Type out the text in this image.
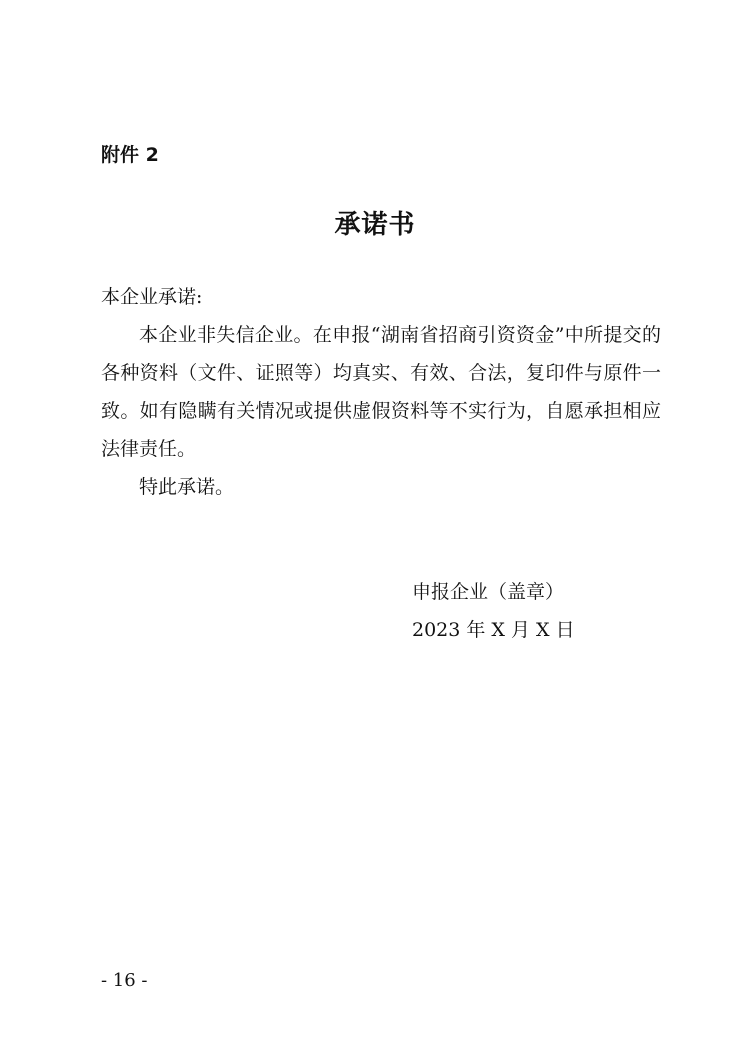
附件 2
承诺书

本企业承诺:

本企业非失信企业。在申报“湖南省招商引资资金”中所提交的各种资料（文件、证照等）均真实、有效、合法，复印件与原件一致。如有隐瞒有关情况或提供虚假资料等不实行为，自愿承担相应法律责任。

特此承诺。

申报企业（盖章）
2023 年 X 月 X 日
- 16 -
